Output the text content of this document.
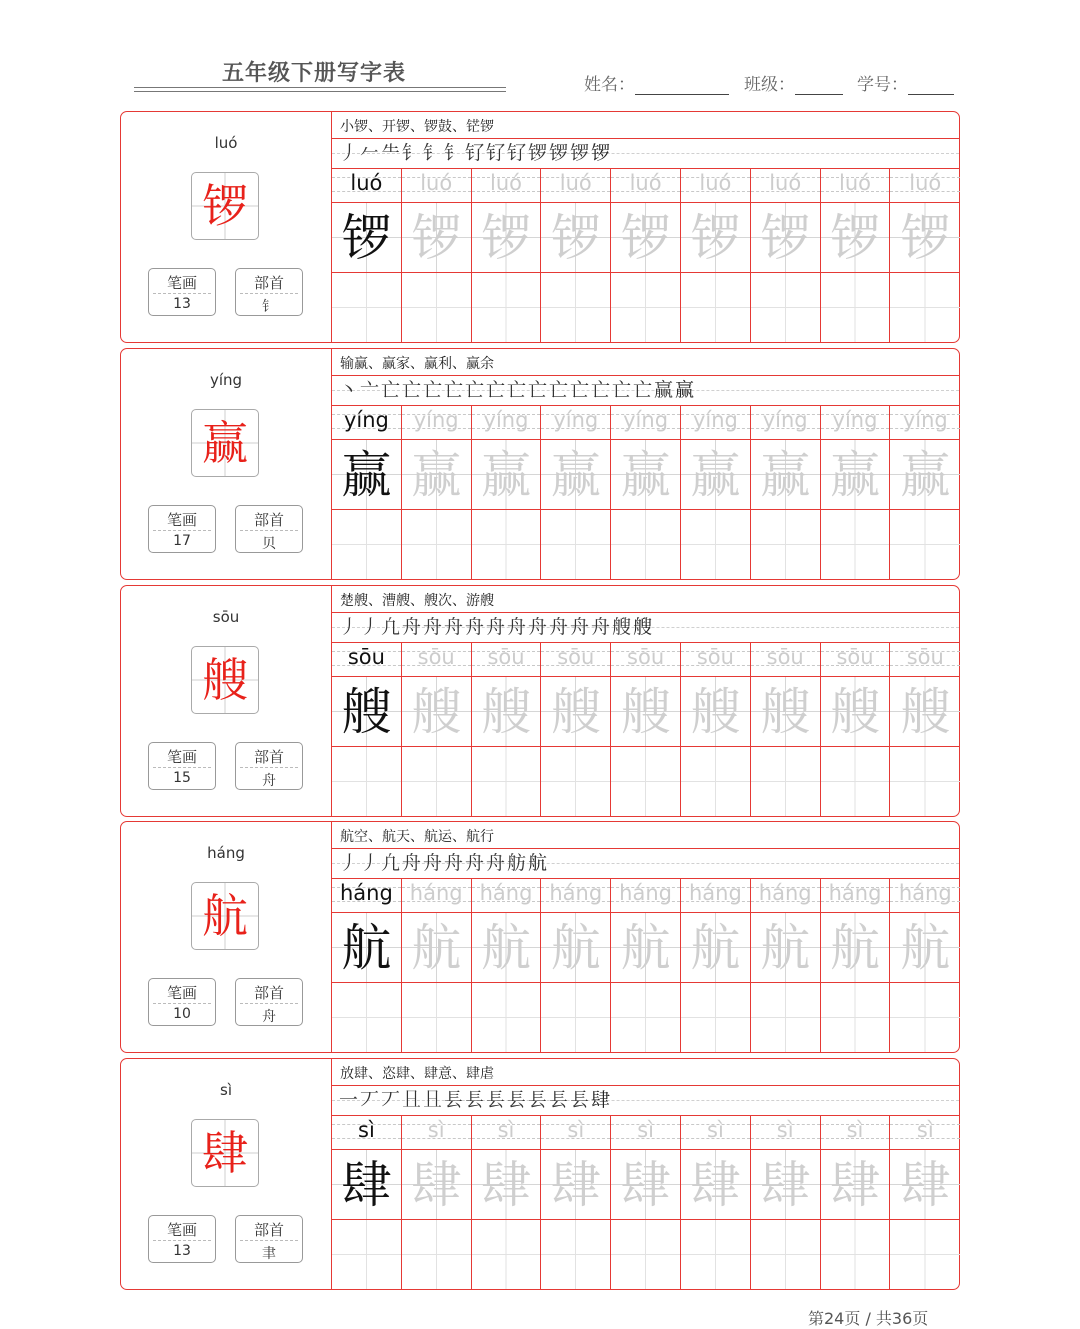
五年级下册写字表	姓名：	班级：	学号：
luó
锣
笔画
13
部首
钅
小锣、开锣、锣鼓、铓锣
丿 𠂉 ⺧ 钅 钅 钅 钌 钌 钌 锣 锣 锣 锣
luó
锣
luó
锣
luó
锣
luó
锣
luó
锣
luó
锣
luó
锣
luó
锣
luó
锣
yíng
赢
笔画
17
部首
贝
输赢、赢家、赢利、赢余
丶 亠 亡 亡 亡 亡 亡 亡 亡 亡 亡 亡 亡 亡 亡 赢 赢
yíng
赢
yíng
赢
yíng
赢
yíng
赢
yíng
赢
yíng
赢
yíng
赢
yíng
赢
yíng
赢
sōu
艘
笔画
15
部首
舟
楚艘、漕艘、艘次、游艘
丿 丿 凢 舟 舟 舟 舟 舟 舟 舟 舟 舟 舟 艘 艘
sōu
艘
sōu
艘
sōu
艘
sōu
艘
sōu
艘
sōu
艘
sōu
艘
sōu
艘
sōu
艘
háng
航
笔画
10
部首
舟
航空、航天、航运、航行
丿 丿 凢 舟 舟 舟 舟 舟 舫 航
háng
航
háng
航
háng
航
háng
航
háng
航
háng
航
háng
航
háng
航
háng
航
sì
肆
笔画
13
部首
聿
放肆、恣肆、肆意、肆虐
一 丆 丆 𠀇 𠀇 镸 镸 镸 镸 镸 镸 镸 肆
sì
肆
sì
肆
sì
肆
sì
肆
sì
肆
sì
肆
sì
肆
sì
肆
sì
肆
第24页 / 共36页
